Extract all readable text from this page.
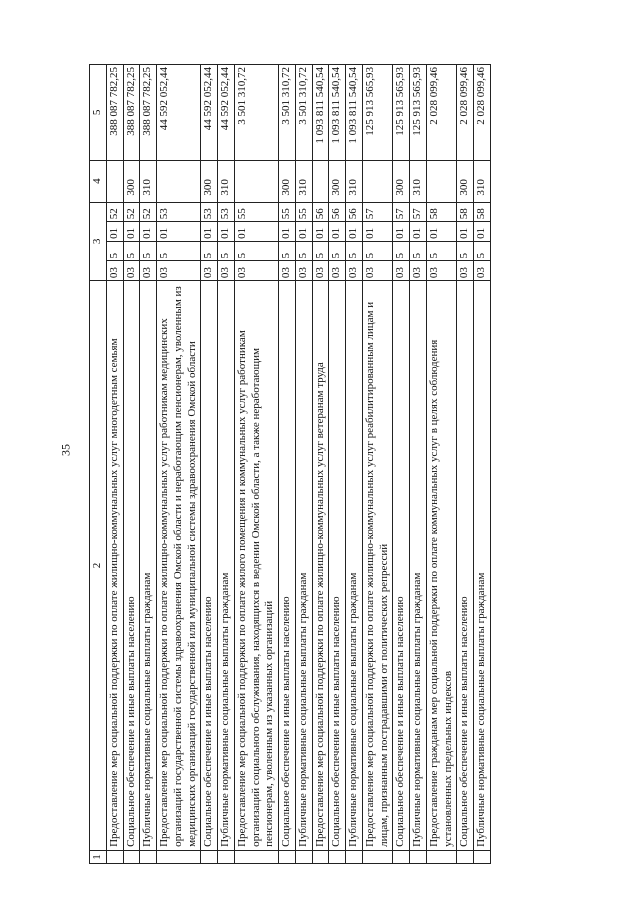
35
1	2	3				4	5
	Предоставление мер социальной поддержки по оплате жилищно-коммунальных услуг многодетным семьям	03	5	01	52		388 087 782,25
	Социальное обеспечение и иные выплаты населению	03	5	01	52	300	388 087 782,25
	Публичные нормативные социальные выплаты гражданам	03	5	01	52	310	388 087 782,25
	Предоставление мер социальной поддержки по оплате жилищно-коммунальных услуг работникам медицинских организаций государственной системы здравоохранения Омской области и неработающим пенсионерам, уволенным из медицинских организаций государственной или муниципальной системы здравоохранения Омской области	03	5	01	53		44 592 052,44
	Социальное обеспечение и иные выплаты населению	03	5	01	53	300	44 592 052,44
	Публичные нормативные социальные выплаты гражданам	03	5	01	53	310	44 592 052,44
	Предоставление мер социальной поддержки по оплате жилого помещения и коммунальных услуг работникам организаций социального обслуживания, находящихся в ведении Омской области, а также неработающим пенсионерам, уволенным из указанных организаций	03	5	01	55		3 501 310,72
	Социальное обеспечение и иные выплаты населению	03	5	01	55	300	3 501 310,72
	Публичные нормативные социальные выплаты гражданам	03	5	01	55	310	3 501 310,72
	Предоставление мер социальной поддержки по оплате жилищно-коммунальных услуг ветеранам труда	03	5	01	56		1 093 811 540,54
	Социальное обеспечение и иные выплаты населению	03	5	01	56	300	1 093 811 540,54
	Публичные нормативные социальные выплаты гражданам	03	5	01	56	310	1 093 811 540,54
	Предоставление мер социальной поддержки по оплате жилищно-коммунальных услуг реабилитированным лицам и лицам, признанным пострадавшими от политических репрессий	03	5	01	57		125 913 565,93
	Социальное обеспечение и иные выплаты населению	03	5	01	57	300	125 913 565,93
	Публичные нормативные социальные выплаты гражданам	03	5	01	57	310	125 913 565,93
	Предоставление гражданам мер социальной поддержки по оплате коммунальных услуг в целях соблюдения установленных предельных индексов	03	5	01	58		2 028 099,46
	Социальное обеспечение и иные выплаты населению	03	5	01	58	300	2 028 099,46
	Публичные нормативные социальные выплаты гражданам	03	5	01	58	310	2 028 099,46
